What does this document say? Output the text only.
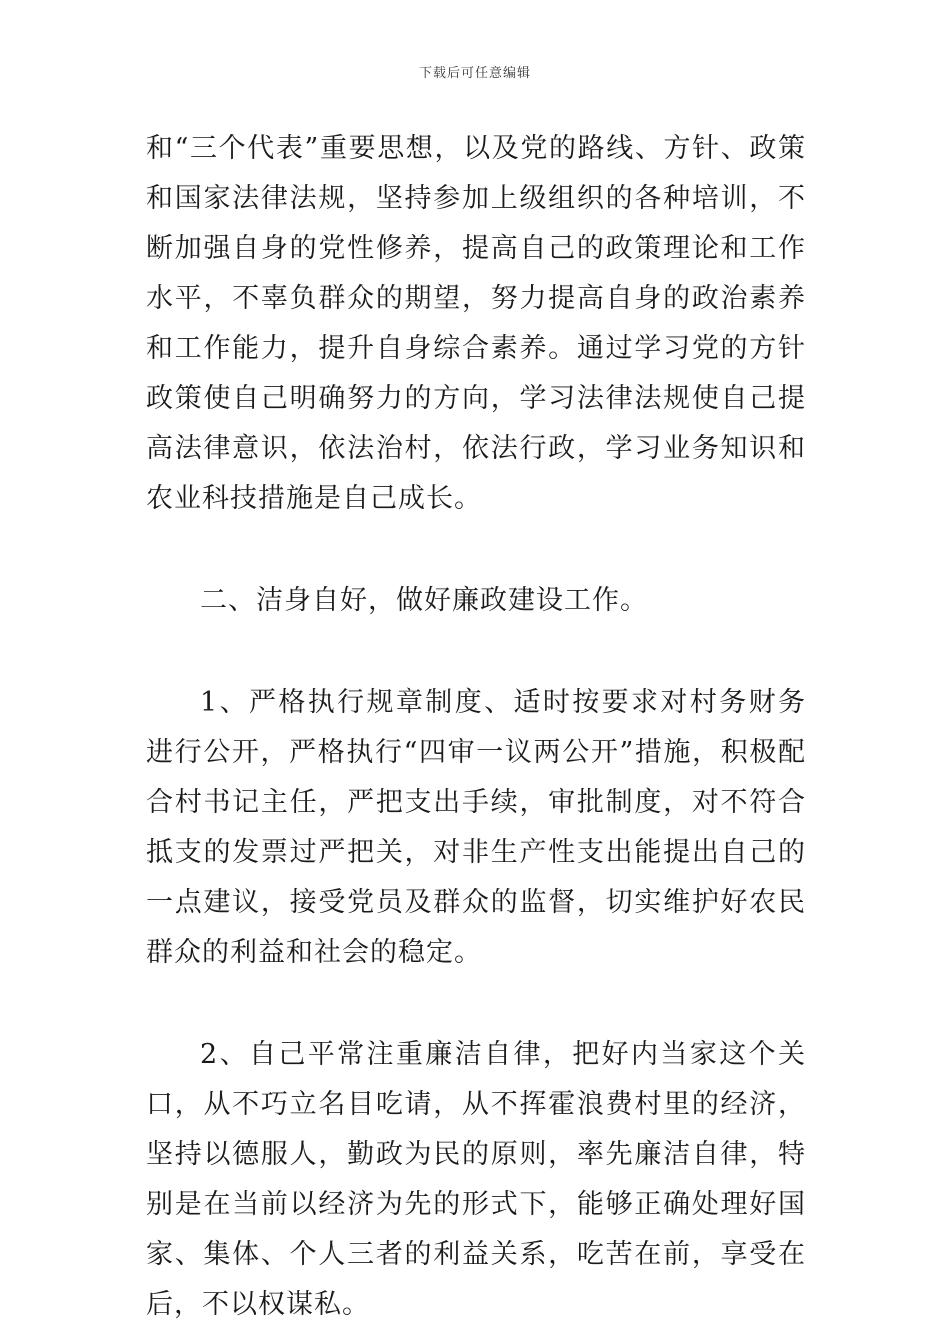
下载后可任意编辑

和“三个代表”重要思想，以及党的路线、方针、政策和国家法律法规，坚持参加上级组织的各种培训，不断加强自身的党性修养，提高自己的政策理论和工作水平，不辜负群众的期望，努力提高自身的政治素养和工作能力，提升自身综合素养。通过学习党的方针政策使自己明确努力的方向，学习法律法规使自己提高法律意识，依法治村，依法行政，学习业务知识和农业科技措施是自己成长。

二、洁身自好，做好廉政建设工作。

1、严格执行规章制度、适时按要求对村务财务进行公开，严格执行“四审一议两公开”措施，积极配合村书记主任，严把支出手续，审批制度，对不符合抵支的发票过严把关，对非生产性支出能提出自己的一点建议，接受党员及群众的监督，切实维护好农民群众的利益和社会的稳定。

2、自己平常注重廉洁自律，把好内当家这个关口，从不巧立名目吃请，从不挥霍浪费村里的经济，坚持以德服人，勤政为民的原则，率先廉洁自律，特别是在当前以经济为先的形式下，能够正确处理好国家、集体、个人三者的利益关系，吃苦在前，享受在后，不以权谋私。
